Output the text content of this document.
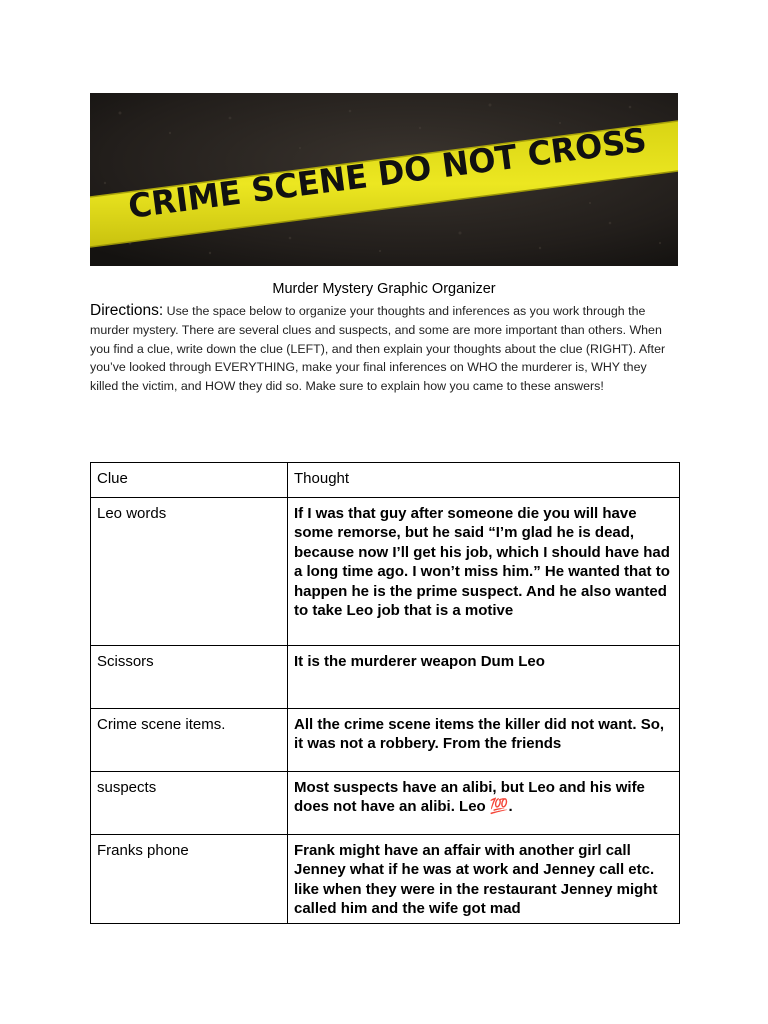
CRIME SCENE DO NOT CROSS
Murder Mystery Graphic Organizer
Directions: Use the space below to organize your thoughts and inferences as you work through the murder mystery. There are several clues and suspects, and some are more important than others. When you find a clue, write down the clue (LEFT), and then explain your thoughts about the clue (RIGHT). After you’ve looked through EVERYTHING, make your final inferences on WHO the murderer is, WHY they killed the victim, and HOW they did so. Make sure to explain how you came to these answers!
Clue	Thought
Leo words	If I was that guy after someone die you will have some remorse, but he said “I’m glad he is dead, because now I’ll get his job, which I should have had a long time ago. I won’t miss him.” He wanted that to happen he is the prime suspect. And he also wanted to take Leo job that is a motive
Scissors	It is the murderer weapon Dum Leo
Crime scene items.	All the crime scene items the killer did not want. So, it was not a robbery. From the friends
suspects	Most suspects have an alibi, but Leo and his wife does not have an alibi. Leo 💯.
Franks phone	Frank might have an affair with another girl call Jenney what if he was at work and Jenney call etc. like when they were in the restaurant Jenney might called him and the wife got mad
